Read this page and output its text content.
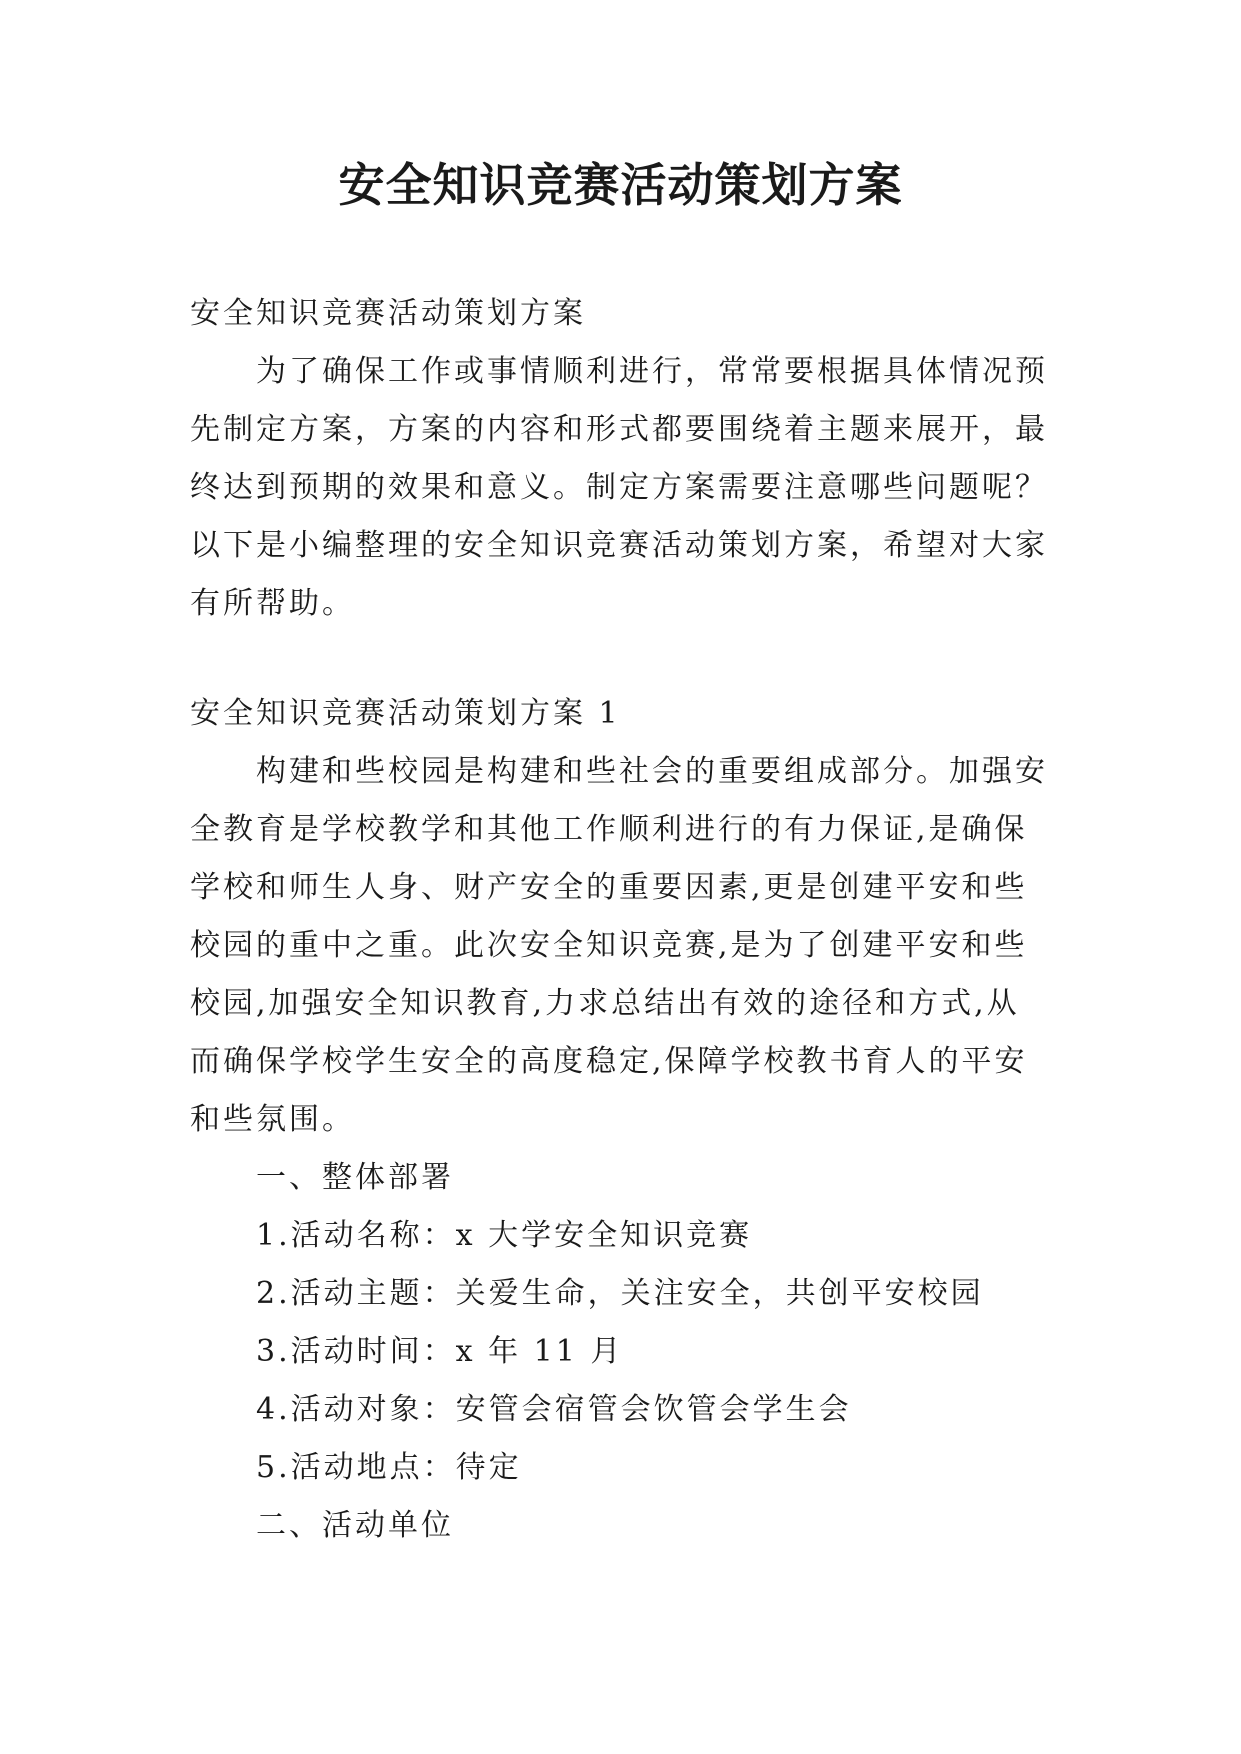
安全知识竞赛活动策划方案

安全知识竞赛活动策划方案

为了确保工作或事情顺利进行，常常要根据具体情况预

先制定方案，方案的内容和形式都要围绕着主题来展开，最

终达到预期的效果和意义。制定方案需要注意哪些问题呢？

以下是小编整理的安全知识竞赛活动策划方案，希望对大家

有所帮助。

安全知识竞赛活动策划方案 1

构建和些校园是构建和些社会的重要组成部分。加强安

全教育是学校教学和其他工作顺利进行的有力保证,是确保

学校和师生人身、财产安全的重要因素,更是创建平安和些

校园的重中之重。此次安全知识竞赛,是为了创建平安和些

校园,加强安全知识教育,力求总结出有效的途径和方式,从

而确保学校学生安全的高度稳定,保障学校教书育人的平安

和些氛围。

一、整体部署

1.活动名称：x 大学安全知识竞赛

2.活动主题：关爱生命，关注安全，共创平安校园

3.活动时间：x 年 11 月

4.活动对象：安管会宿管会饮管会学生会

5.活动地点：待定

二、活动单位
